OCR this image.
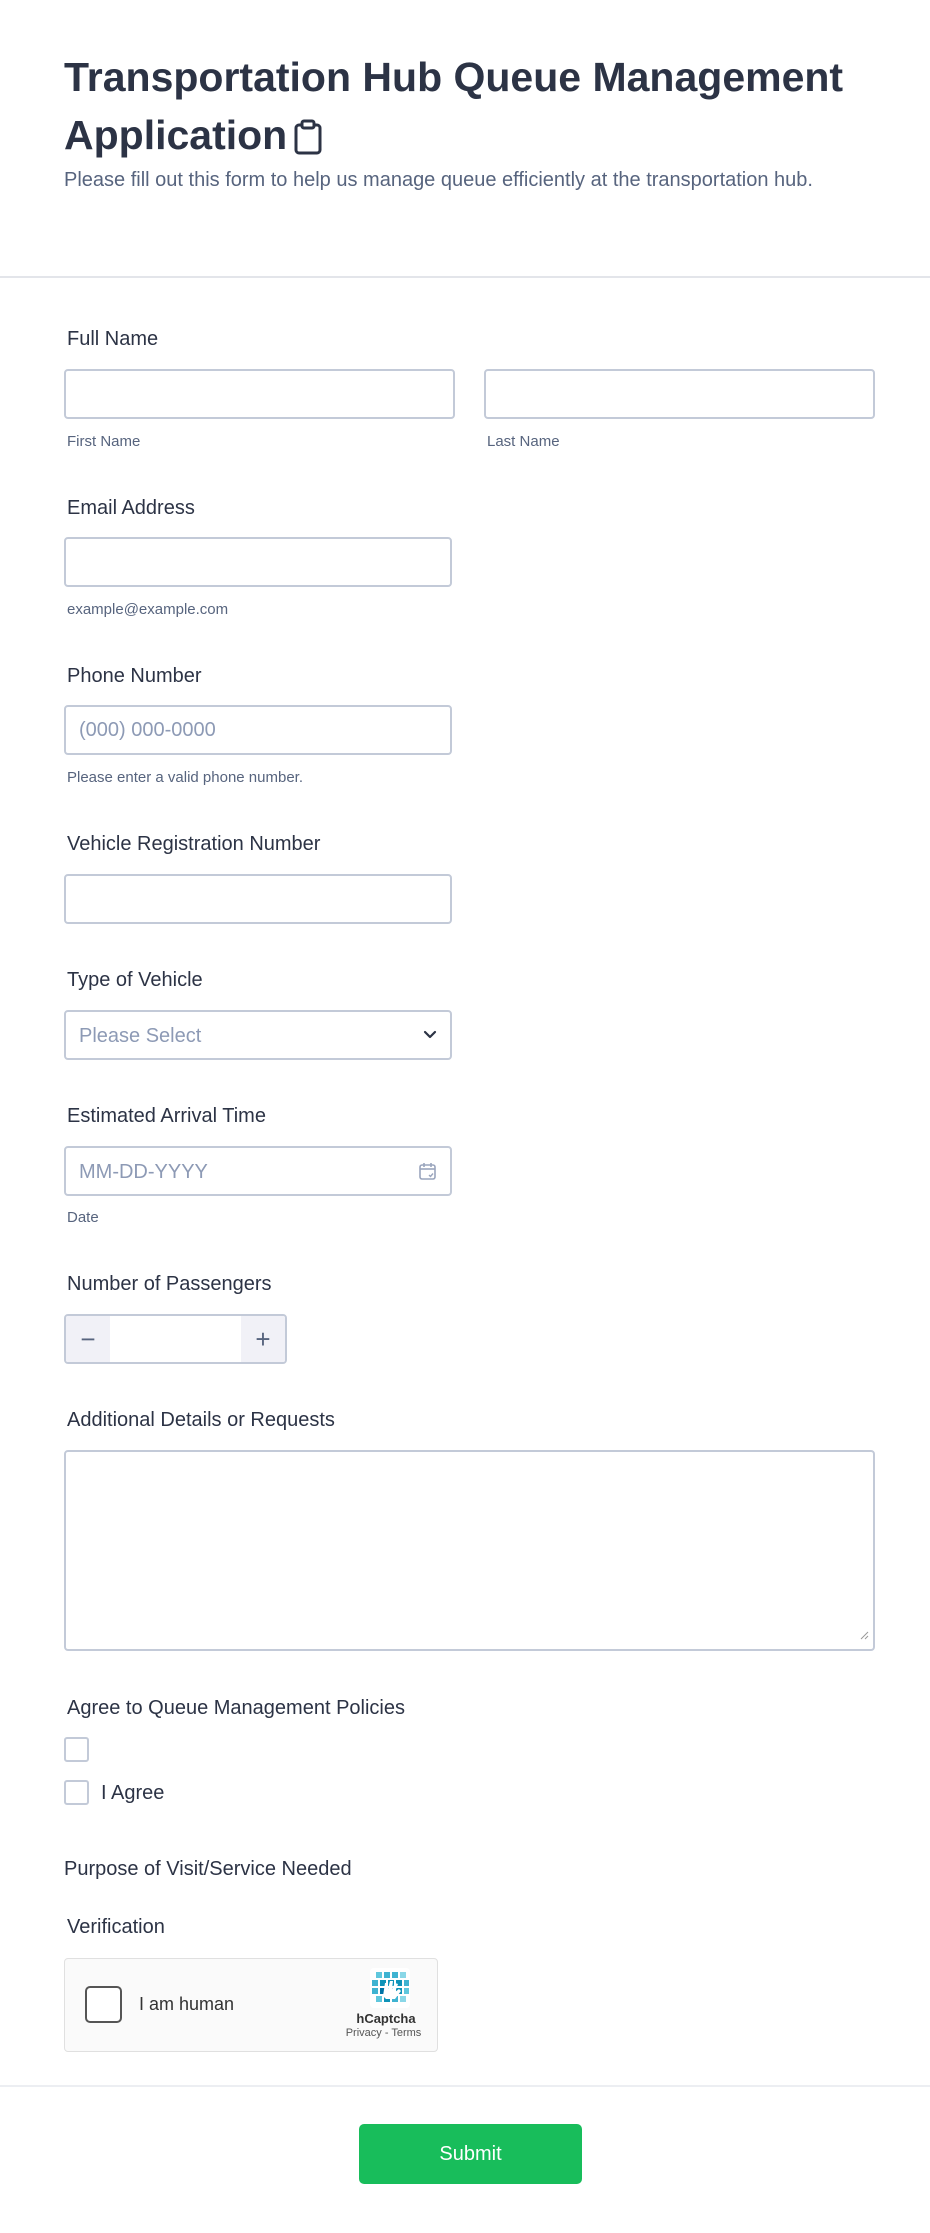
Transportation Hub Queue Management Application
Please fill out this form to help us manage queue efficiently at the transportation hub.
Full Name
First Name	Last Name
Email Address
example@example.com
Phone Number
(000) 000-0000
Please enter a valid phone number.
Vehicle Registration Number
Type of Vehicle
Please Select
Estimated Arrival Time
MM-DD-YYYY
Date
Number of Passengers
−	+
Additional Details or Requests
Agree to Queue Management Policies
I Agree
Purpose of Visit/Service Needed
Verification
I am human
hCaptcha
Privacy - Terms
Submit
